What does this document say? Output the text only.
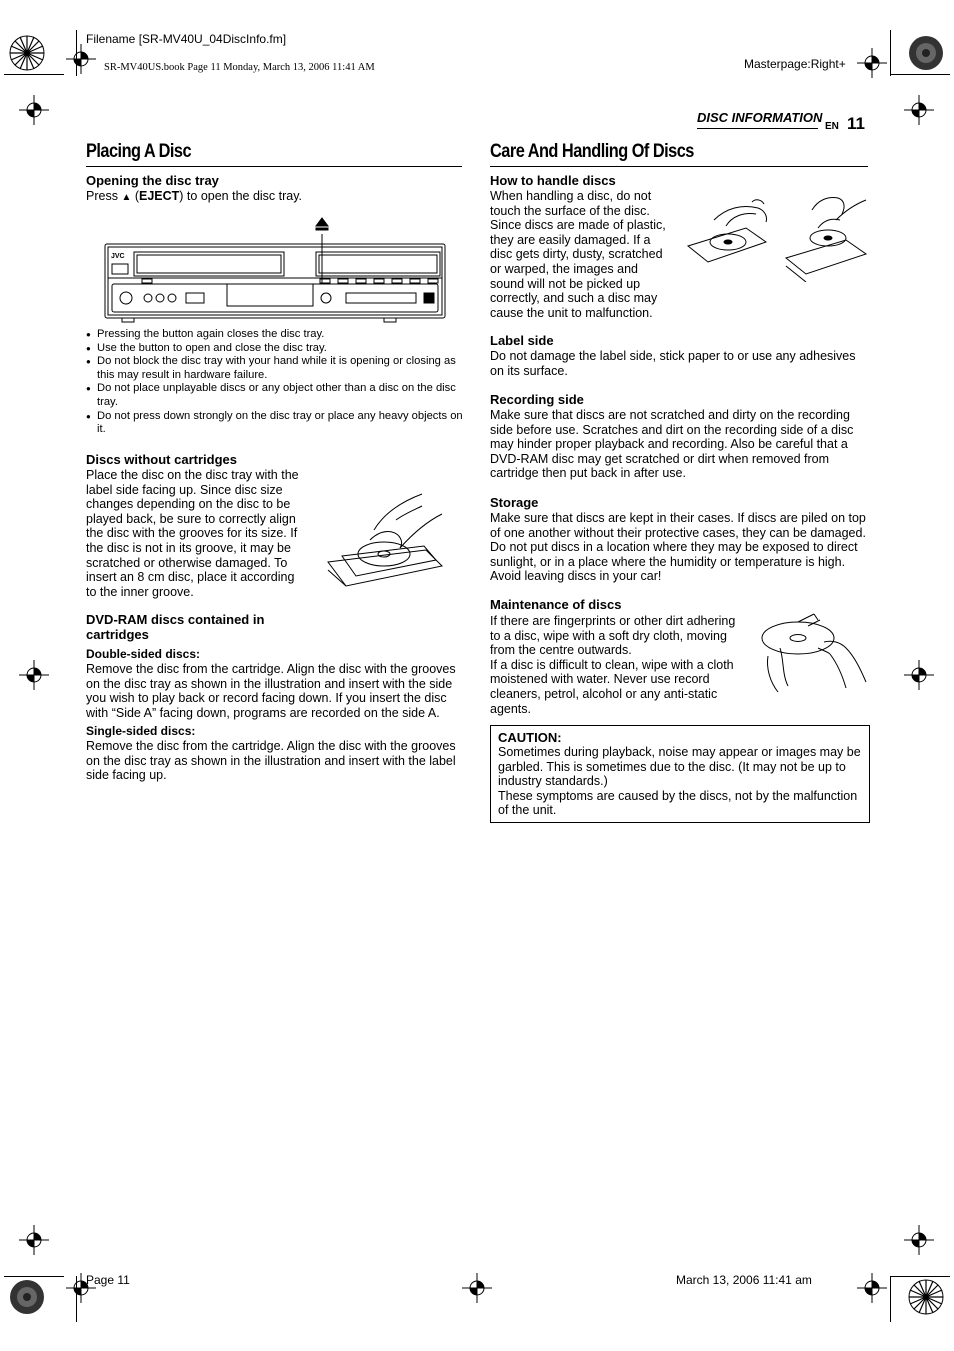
Filename [SR-MV40U_04DiscInfo.fm]
SR-MV40US.book Page 11 Monday, March 13, 2006 11:41 AM	Masterpage:Right+
DISC INFORMATION
EN 11
Placing A Disc
Opening the disc tray
Press ▲ (EJECT) to open the disc tray.
JVC
● Pressing the button again closes the disc tray.
● Use the button to open and close the disc tray.
● Do not block the disc tray with your hand while it is opening or closing as this may result in hardware failure.
● Do not place unplayable discs or any object other than a disc on the disc tray.
● Do not press down strongly on the disc tray or place any heavy objects on it.
Discs without cartridges
Place the disc on the disc tray with the label side facing up. Since disc size changes depending on the disc to be played back, be sure to correctly align the disc with the grooves for its size. If the disc is not in its groove, it may be scratched or otherwise damaged. To insert an 8 cm disc, place it according to the inner groove.
DVD-RAM discs contained in cartridges
Double-sided discs:
Remove the disc from the cartridge. Align the disc with the grooves on the disc tray as shown in the illustration and insert with the side you wish to play back or record facing down. If you insert the disc with “Side A” facing down, programs are recorded on the side A.
Single-sided discs:
Remove the disc from the cartridge. Align the disc with the grooves on the disc tray as shown in the illustration and insert with the label side facing up.
Care And Handling Of Discs
How to handle discs
When handling a disc, do not touch the surface of the disc. Since discs are made of plastic, they are easily damaged. If a disc gets dirty, dusty, scratched or warped, the images and sound will not be picked up correctly, and such a disc may cause the unit to malfunction.
Label side
Do not damage the label side, stick paper to or use any adhesives on its surface.
Recording side
Make sure that discs are not scratched and dirty on the recording side before use. Scratches and dirt on the recording side of a disc may hinder proper playback and recording. Also be careful that a DVD-RAM disc may get scratched or dirt when removed from cartridge then put back in after use.
Storage
Make sure that discs are kept in their cases. If discs are piled on top of one another without their protective cases, they can be damaged. Do not put discs in a location where they may be exposed to direct sunlight, or in a place where the humidity or temperature is high. Avoid leaving discs in your car!
Maintenance of discs

If there are fingerprints or other dirt adhering to a disc, wipe with a soft dry cloth, moving from the centre outwards.

If a disc is difficult to clean, wipe with a cloth moistened with water. Never use record cleaners, petrol, alcohol or any anti-static agents.

CAUTION:

Sometimes during playback, noise may appear or images may be garbled. This is sometimes due to the disc. (It may not be up to industry standards.)

These symptoms are caused by the discs, not by the malfunction of the unit.

Page 11	March 13, 2006 11:41 am
